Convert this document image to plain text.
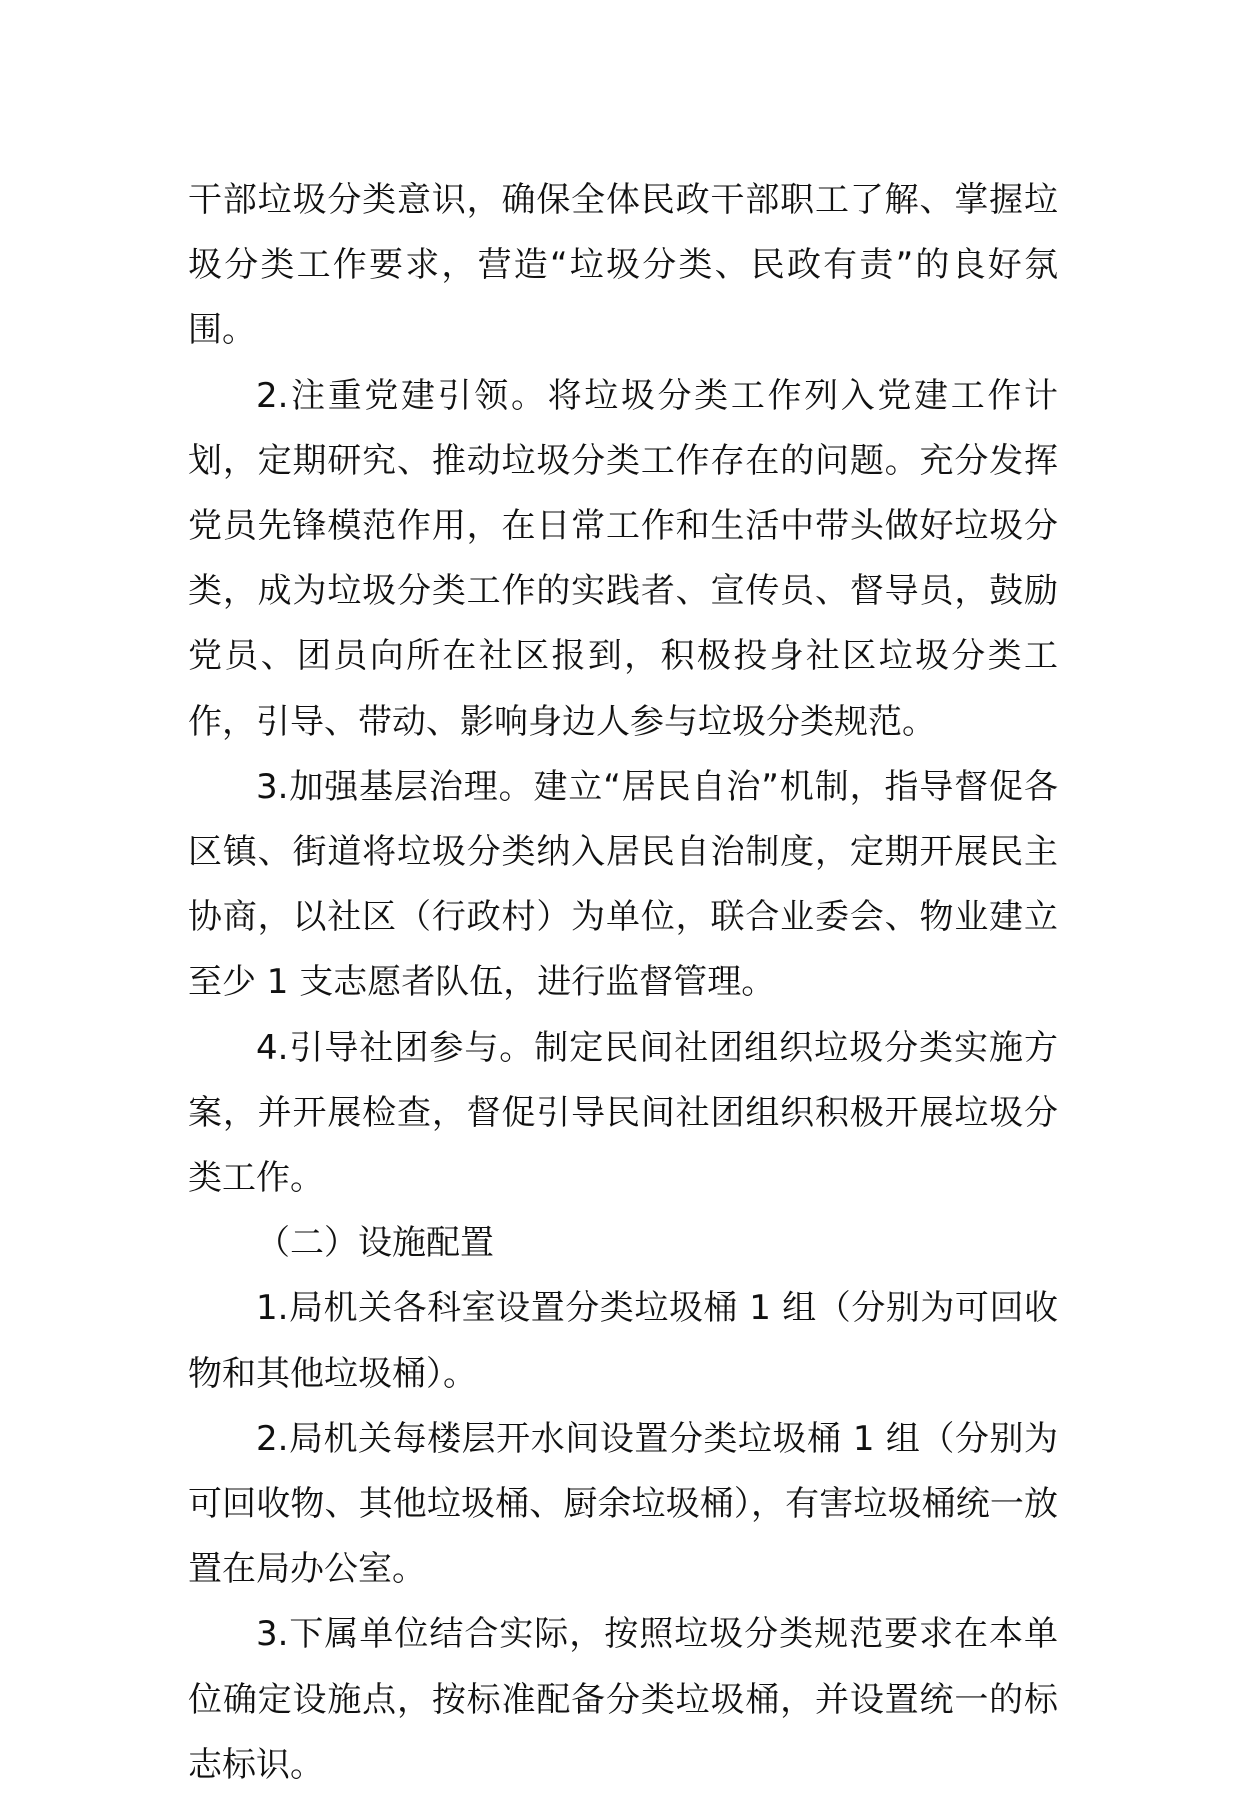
干部垃圾分类意识，确保全体民政干部职工了解、掌握垃圾分类工作要求，营造“垃圾分类、民政有责”的良好氛围。

2.注重党建引领。将垃圾分类工作列入党建工作计划，定期研究、推动垃圾分类工作存在的问题。充分发挥党员先锋模范作用，在日常工作和生活中带头做好垃圾分类，成为垃圾分类工作的实践者、宣传员、督导员，鼓励党员、团员向所在社区报到，积极投身社区垃圾分类工作，引导、带动、影响身边人参与垃圾分类规范。

3.加强基层治理。建立“居民自治”机制，指导督促各区镇、街道将垃圾分类纳入居民自治制度，定期开展民主协商，以社区（行政村）为单位，联合业委会、物业建立至少 1 支志愿者队伍，进行监督管理。

4.引导社团参与。制定民间社团组织垃圾分类实施方案，并开展检查，督促引导民间社团组织积极开展垃圾分类工作。

（二）设施配置

1.局机关各科室设置分类垃圾桶 1 组（分别为可回收物和其他垃圾桶）。

2.局机关每楼层开水间设置分类垃圾桶 1 组（分别为可回收物、其他垃圾桶、厨余垃圾桶），有害垃圾桶统一放置在局办公室。

3.下属单位结合实际，按照垃圾分类规范要求在本单位确定设施点，按标准配备分类垃圾桶，并设置统一的标志标识。
